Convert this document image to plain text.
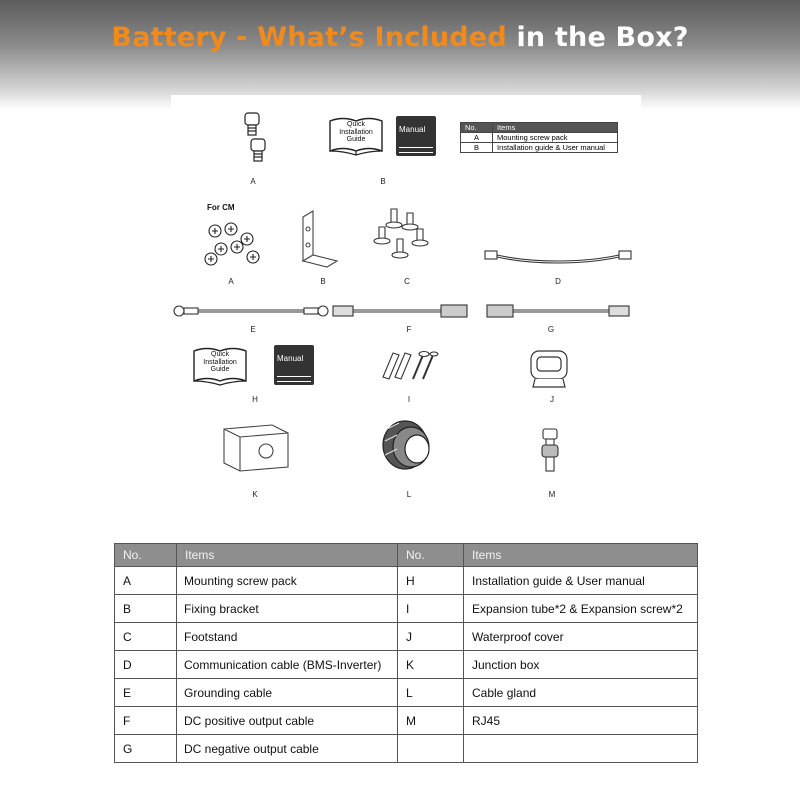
Battery - What’s Included in the Box?
A
Quick
Installation
Guide
Manual
B
No.	Items
A	Mounting screw pack
B	Installation guide & User manual
For CM
A	B	C	D
E	F	G
Quick
Installation
Guide
Manual
H	I	J
K	L	M
No.	Items	No.	Items
A	Mounting screw pack	H	Installation guide & User manual
B	Fixing bracket	I	Expansion tube*2 & Expansion screw*2
C	Footstand	J	Waterproof cover
D	Communication cable (BMS-Inverter)	K	Junction box
E	Grounding cable	L	Cable gland
F	DC positive output cable	M	RJ45
G	DC negative output cable		
